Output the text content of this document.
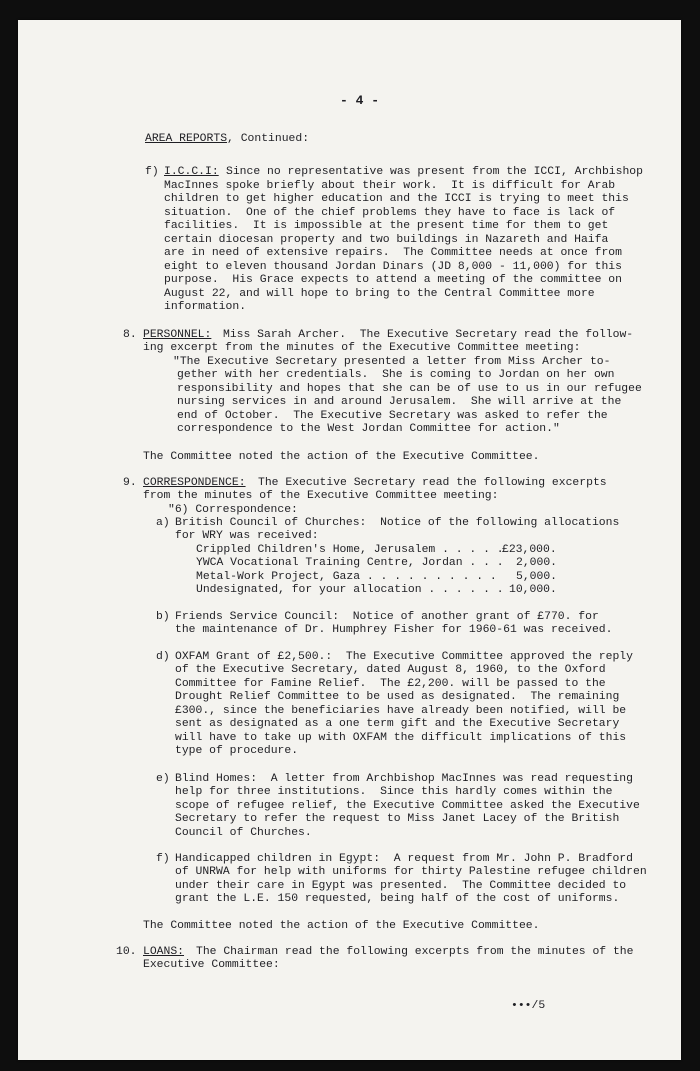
- 4 -
AREA REPORTS, Continued:
f) I.C.C.I: Since no representative was present from the ICCI, Archbishop
MacInnes spoke briefly about their work.  It is difficult for Arab
children to get higher education and the ICCI is trying to meet this
situation.  One of the chief problems they have to face is lack of
facilities.  It is impossible at the present time for them to get
certain diocesan property and two buildings in Nazareth and Haifa
are in need of extensive repairs.  The Committee needs at once from
eight to eleven thousand Jordan Dinars (JD 8,000 - 11,000) for this
purpose.  His Grace expects to attend a meeting of the committee on
August 22, and will hope to bring to the Central Committee more
information.
8. PERSONNEL: Miss Sarah Archer.  The Executive Secretary read the follow-
ing excerpt from the minutes of the Executive Committee meeting:
"The Executive Secretary presented a letter from Miss Archer to-
gether with her credentials.  She is coming to Jordan on her own
responsibility and hopes that she can be of use to us in our refugee
nursing services in and around Jerusalem.  She will arrive at the
end of October.  The Executive Secretary was asked to refer the
correspondence to the West Jordan Committee for action."
The Committee noted the action of the Executive Committee.
9. CORRESPONDENCE: The Executive Secretary read the following excerpts
from the minutes of the Executive Committee meeting:
"6) Correspondence:
a) British Council of Churches:  Notice of the following allocations
for WRY was received:
Crippled Children's Home, Jerusalem . . . . .
£23,000.
YWCA Vocational Training Centre, Jordan . . . 2,000.
Metal-Work Project, Gaza . . . . . . . . . . 5,000.
Undesignated, for your allocation . . . . . . 10,000.
b) Friends Service Council:  Notice of another grant of £770. for
the maintenance of Dr. Humphrey Fisher for 1960-61 was received.
d) OXFAM Grant of £2,500.:  The Executive Committee approved the reply
of the Executive Secretary, dated August 8, 1960, to the Oxford
Committee for Famine Relief.  The £2,200. will be passed to the
Drought Relief Committee to be used as designated.  The remaining
£300., since the beneficiaries have already been notified, will be
sent as designated as a one term gift and the Executive Secretary
will have to take up with OXFAM the difficult implications of this
type of procedure.
e) Blind Homes:  A letter from Archbishop MacInnes was read requesting
help for three institutions.  Since this hardly comes within the
scope of refugee relief, the Executive Committee asked the Executive
Secretary to refer the request to Miss Janet Lacey of the British
Council of Churches.
f) Handicapped children in Egypt:  A request from Mr. John P. Bradford
of UNRWA for help with uniforms for thirty Palestine refugee children
under their care in Egypt was presented.  The Committee decided to
grant the L.E. 150 requested, being half of the cost of uniforms.
The Committee noted the action of the Executive Committee.
10. LOANS: The Chairman read the following excerpts from the minutes of the
Executive Committee:
•••/5
